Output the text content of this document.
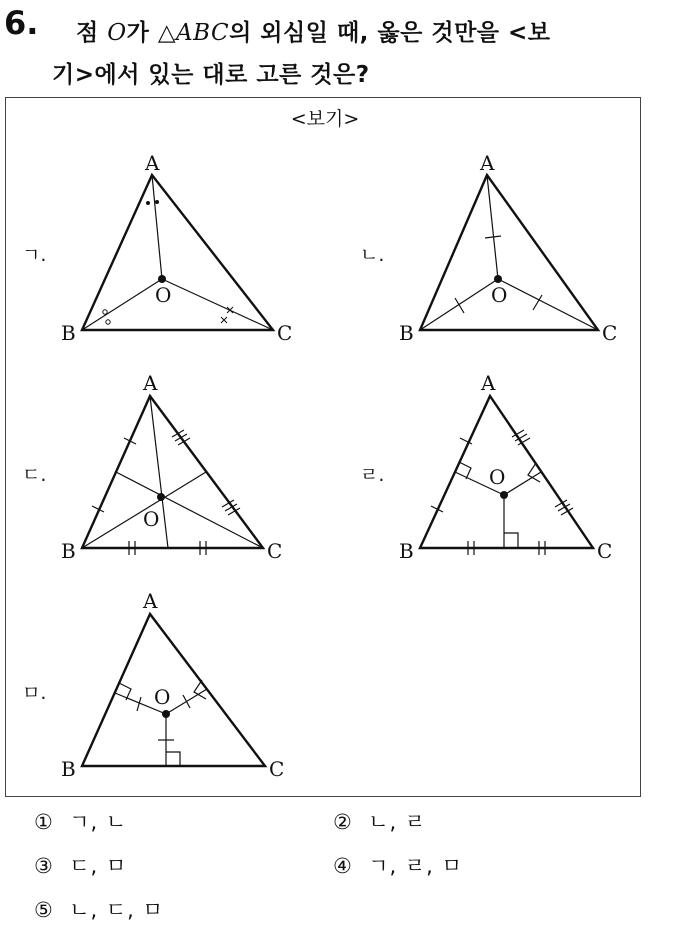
6. 점 O가 △ABC의 외심일 때, 옳은 것만을 <보
기>에서 있는 대로 고른 것은?
<보기>
ㄱ.	ㄴ.
ㄷ.	ㄹ.
ㅁ.
A
B	C
O
A
B	C
O
A
B	C
O
A
B	C
O
A
B	C
O
① ㄱ, ㄴ	② ㄴ, ㄹ
③ ㄷ, ㅁ	④ ㄱ, ㄹ, ㅁ
⑤ ㄴ, ㄷ, ㅁ
